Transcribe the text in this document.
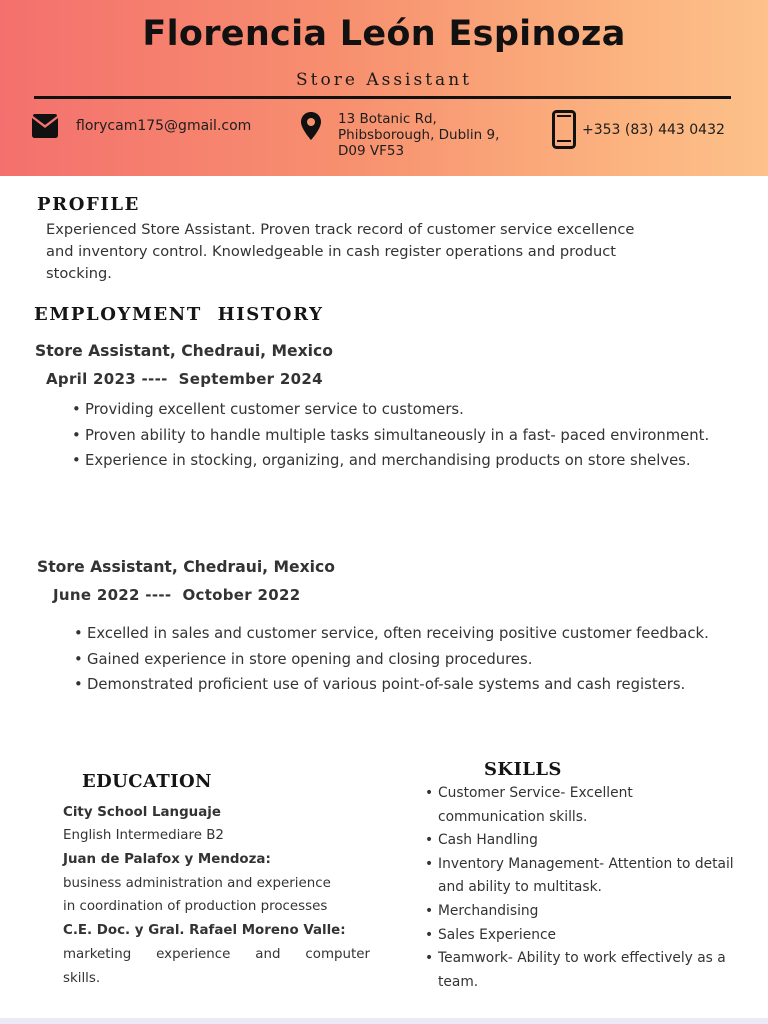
Florencia León Espinoza
Store Assistant
florycam175@gmail.com	13 Botanic Rd,
Phibsborough, Dublin 9,
D09 VF53
+353 (83) 443 0432
PROFILE
Experienced Store Assistant. Proven track record of customer service excellence
and inventory control. Knowledgeable in cash register operations and product
stocking.
EMPLOYMENT  HISTORY
Store Assistant, Chedraui, Mexico
April 2023 ----  September 2024
• Providing excellent customer service to customers.
• Proven ability to handle multiple tasks simultaneously in a fast- paced environment.
• Experience in stocking, organizing, and merchandising products on store shelves.
Store Assistant, Chedraui, Mexico
June 2022 ----  October 2022
• Excelled in sales and customer service, often receiving positive customer feedback.
• Gained experience in store opening and closing procedures.
• Demonstrated proficient use of various point-of-sale systems and cash registers.
EDUCATION
City School Languaje
English Intermediare B2
Juan de Palafox y Mendoza:
business administration and experience
in coordination of production processes
C.E. Doc. y Gral. Rafael Moreno Valle:
marketing experience and computer
skills.
SKILLS
• Customer Service- Excellent communication skills.
• Cash Handling
• Inventory Management- Attention to detail and ability to multitask.
• Merchandising
• Sales Experience
• Teamwork- Ability to work effectively as a team.
